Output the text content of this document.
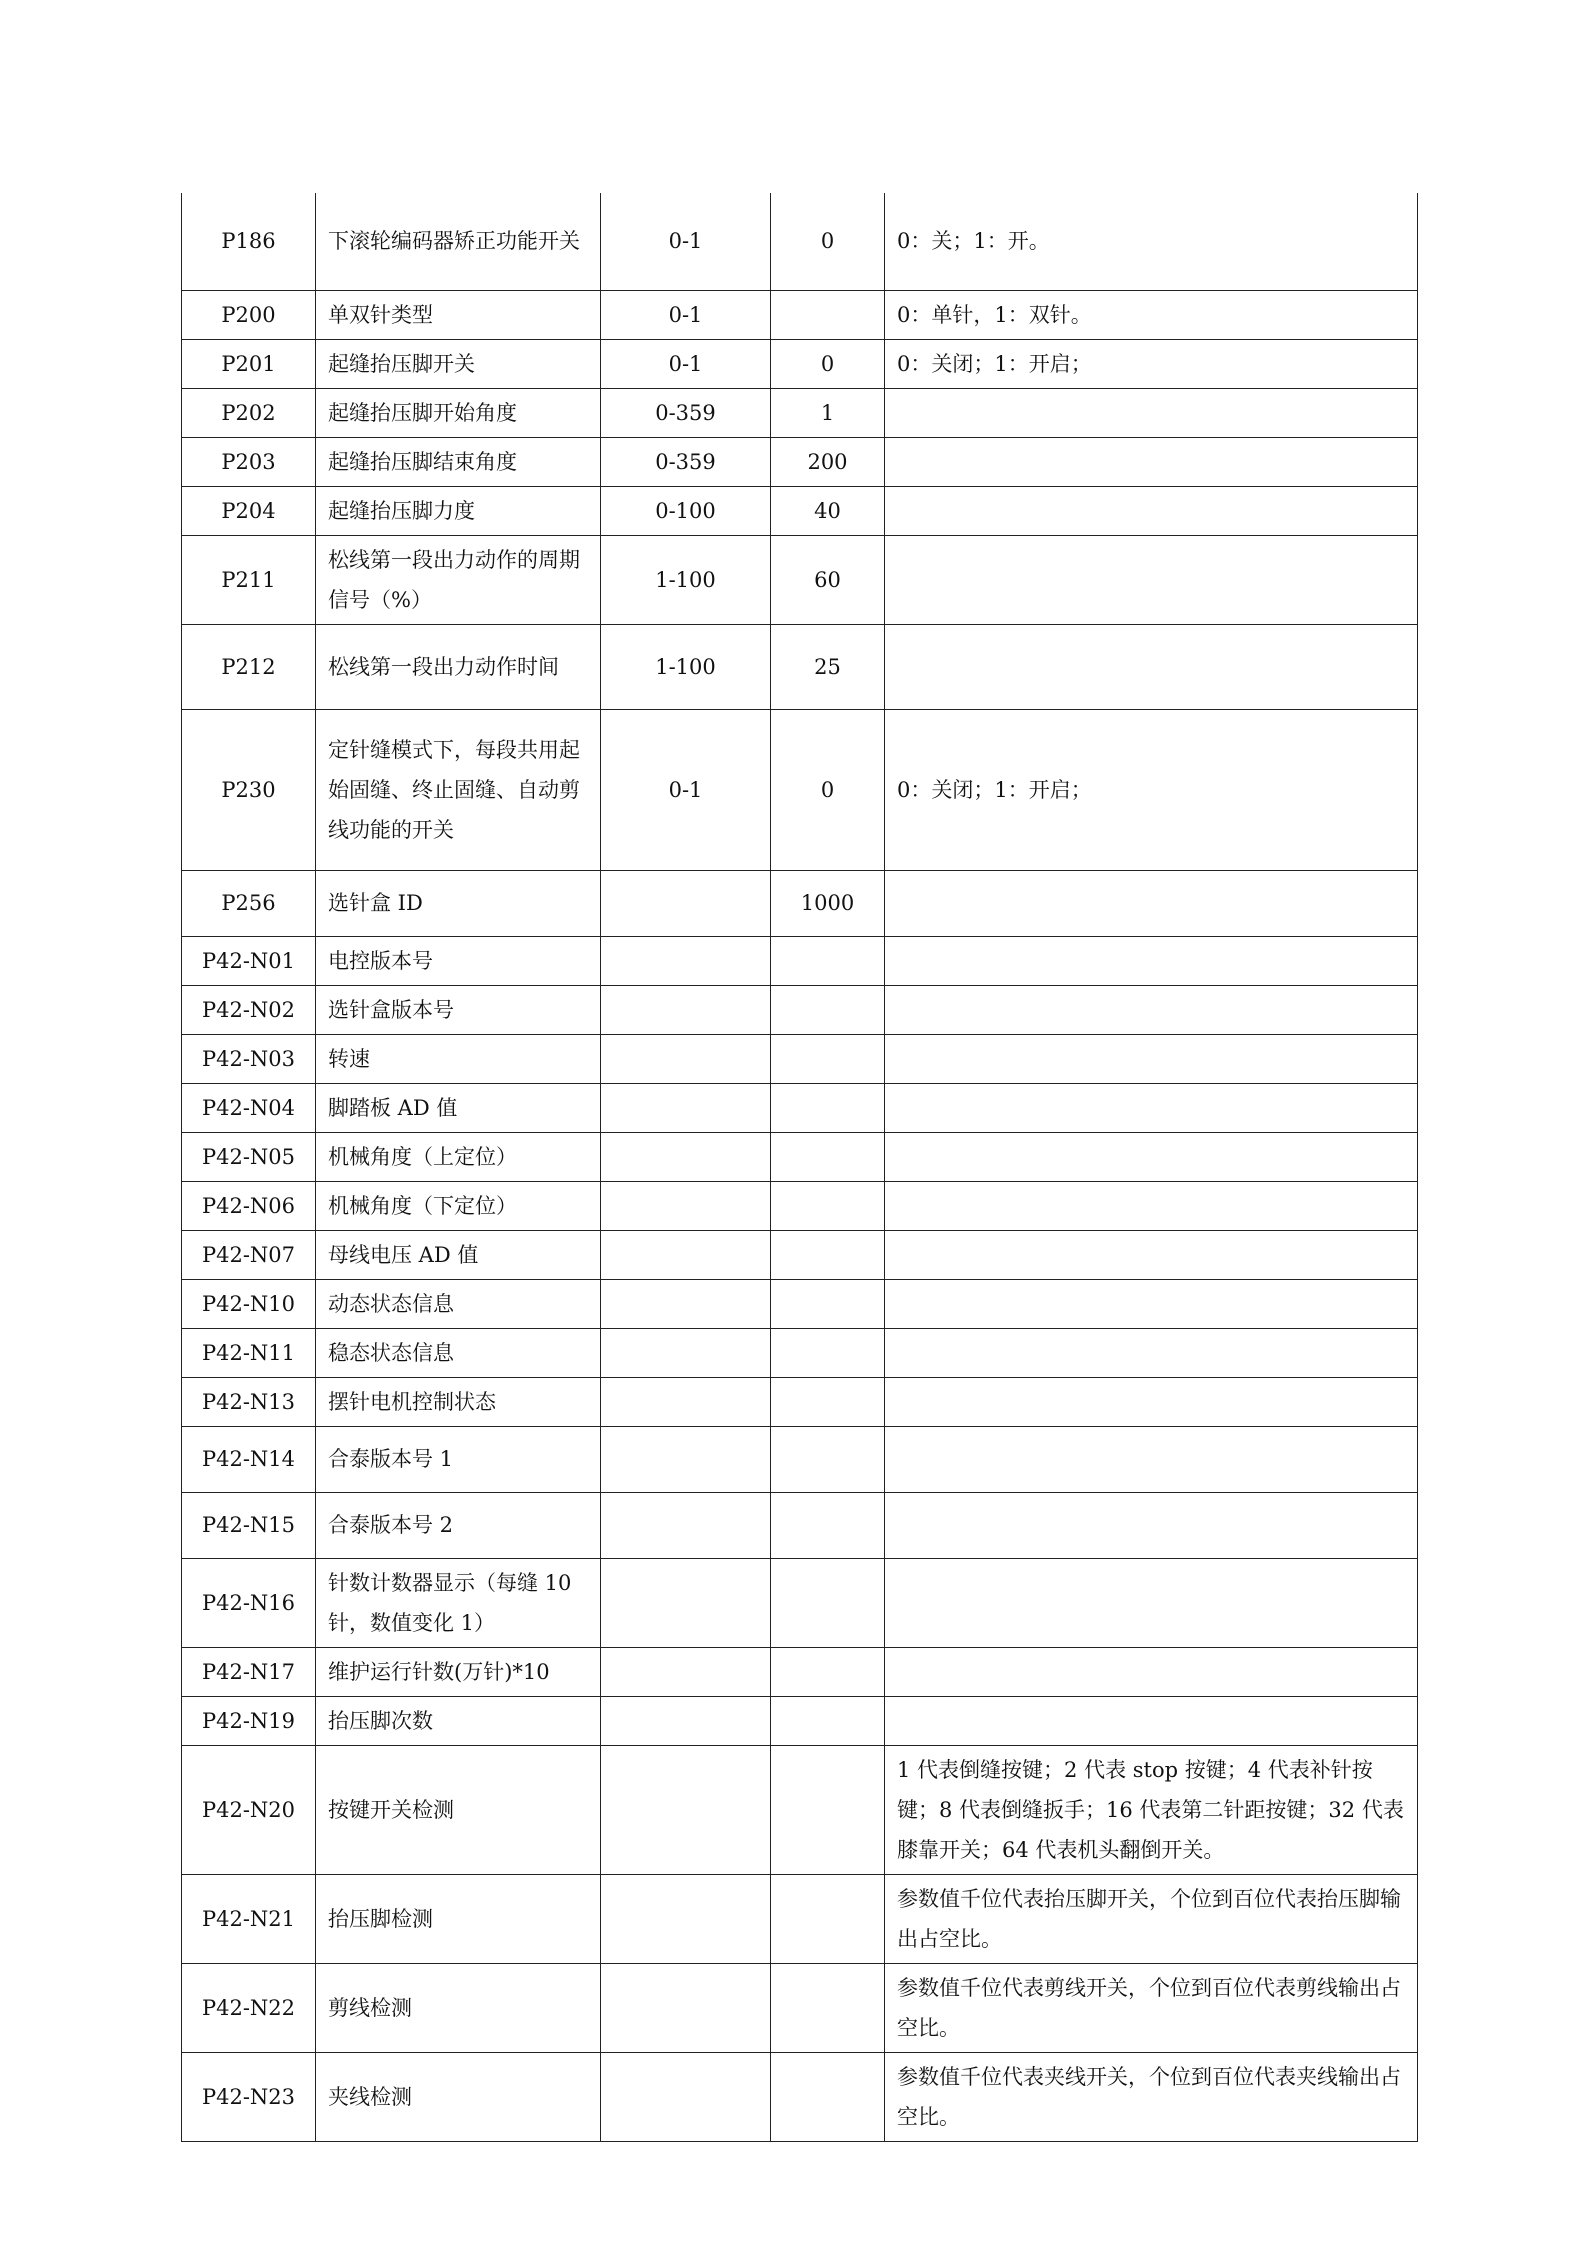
P186	下滚轮编码器矫正功能开关	0-1	0	0：关；1：开。
P200	单双针类型	0-1		0：单针，1：双针。
P201	起缝抬压脚开关	0-1	0	0：关闭；1：开启；
P202	起缝抬压脚开始角度	0-359	1	
P203	起缝抬压脚结束角度	0-359	200	
P204	起缝抬压脚力度	0-100	40	
P211	松线第一段出力动作的周期信号（%）	1-100	60	
P212	松线第一段出力动作时间	1-100	25	
P230	定针缝模式下，每段共用起始固缝、终止固缝、自动剪线功能的开关	0-1	0	0：关闭；1：开启；
P256	选针盒 ID		1000	
P42-N01	电控版本号			
P42-N02	选针盒版本号			
P42-N03	转速			
P42-N04	脚踏板 AD 值			
P42-N05	机械角度（上定位）			
P42-N06	机械角度（下定位）			
P42-N07	母线电压 AD 值			
P42-N10	动态状态信息			
P42-N11	稳态状态信息			
P42-N13	摆针电机控制状态			
P42-N14	合泰版本号 1			
P42-N15	合泰版本号 2			
P42-N16	针数计数器显示（每缝 10 针，数值变化 1）			
P42-N17	维护运行针数(万针)*10			
P42-N19	抬压脚次数			
P42-N20	按键开关检测			1 代表倒缝按键；2 代表 stop 按键；4 代表补针按键；8 代表倒缝扳手；16 代表第二针距按键；32 代表膝靠开关；64 代表机头翻倒开关。
P42-N21	抬压脚检测			参数值千位代表抬压脚开关，个位到百位代表抬压脚输出占空比。
P42-N22	剪线检测			参数值千位代表剪线开关，个位到百位代表剪线输出占空比。
P42-N23	夹线检测			参数值千位代表夹线开关，个位到百位代表夹线输出占空比。
